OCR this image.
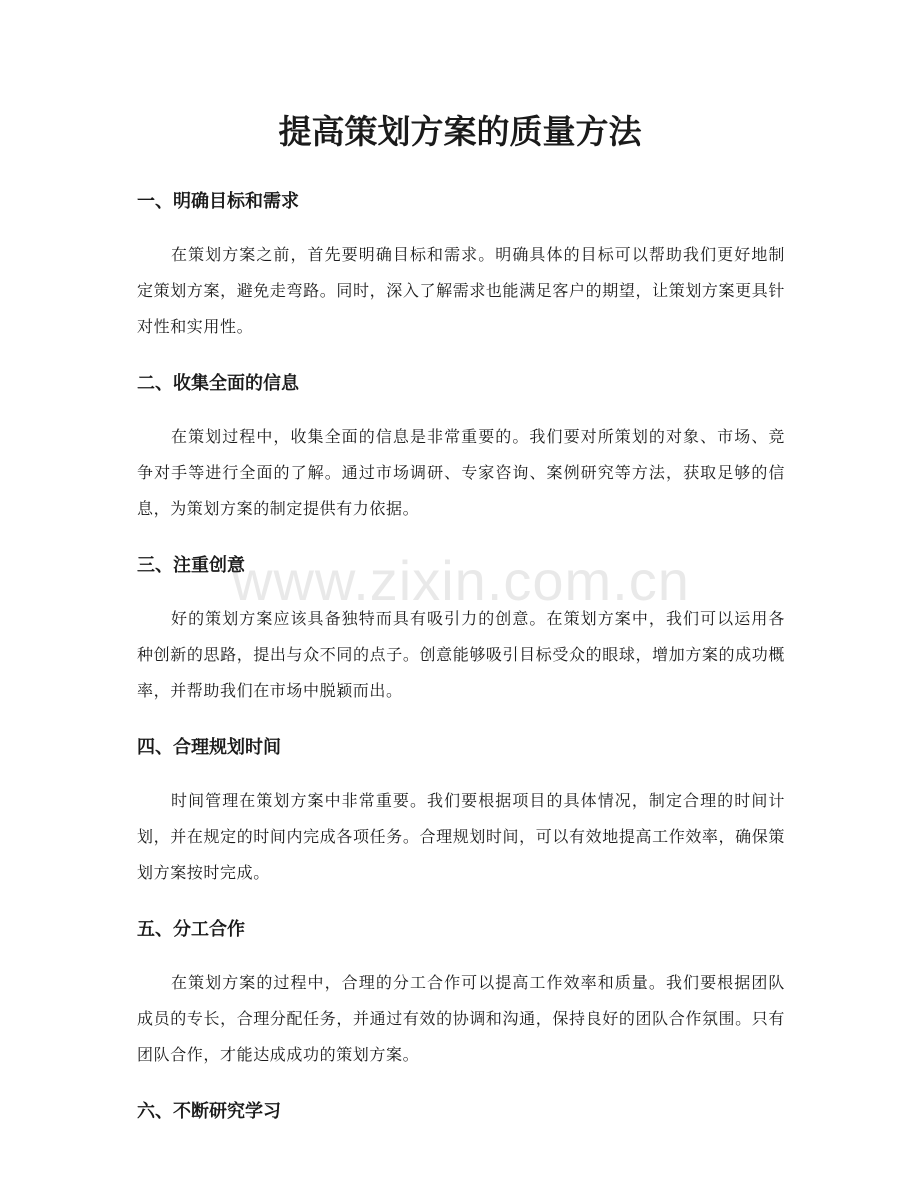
提高策划方案的质量方法
一、明确目标和需求

在策划方案之前，首先要明确目标和需求。明确具体的目标可以帮助我们更好地制定策划方案，避免走弯路。同时，深入了解需求也能满足客户的期望，让策划方案更具针对性和实用性。

二、收集全面的信息

在策划过程中，收集全面的信息是非常重要的。我们要对所策划的对象、市场、竞争对手等进行全面的了解。通过市场调研、专家咨询、案例研究等方法，获取足够的信息，为策划方案的制定提供有力依据。

三、注重创意

好的策划方案应该具备独特而具有吸引力的创意。在策划方案中，我们可以运用各种创新的思路，提出与众不同的点子。创意能够吸引目标受众的眼球，增加方案的成功概率，并帮助我们在市场中脱颖而出。

四、合理规划时间

时间管理在策划方案中非常重要。我们要根据项目的具体情况，制定合理的时间计划，并在规定的时间内完成各项任务。合理规划时间，可以有效地提高工作效率，确保策划方案按时完成。

五、分工合作

在策划方案的过程中，合理的分工合作可以提高工作效率和质量。我们要根据团队成员的专长，合理分配任务，并通过有效的协调和沟通，保持良好的团队合作氛围。只有团队合作，才能达成成功的策划方案。

六、不断研究学习
www.zixin.com.cn
